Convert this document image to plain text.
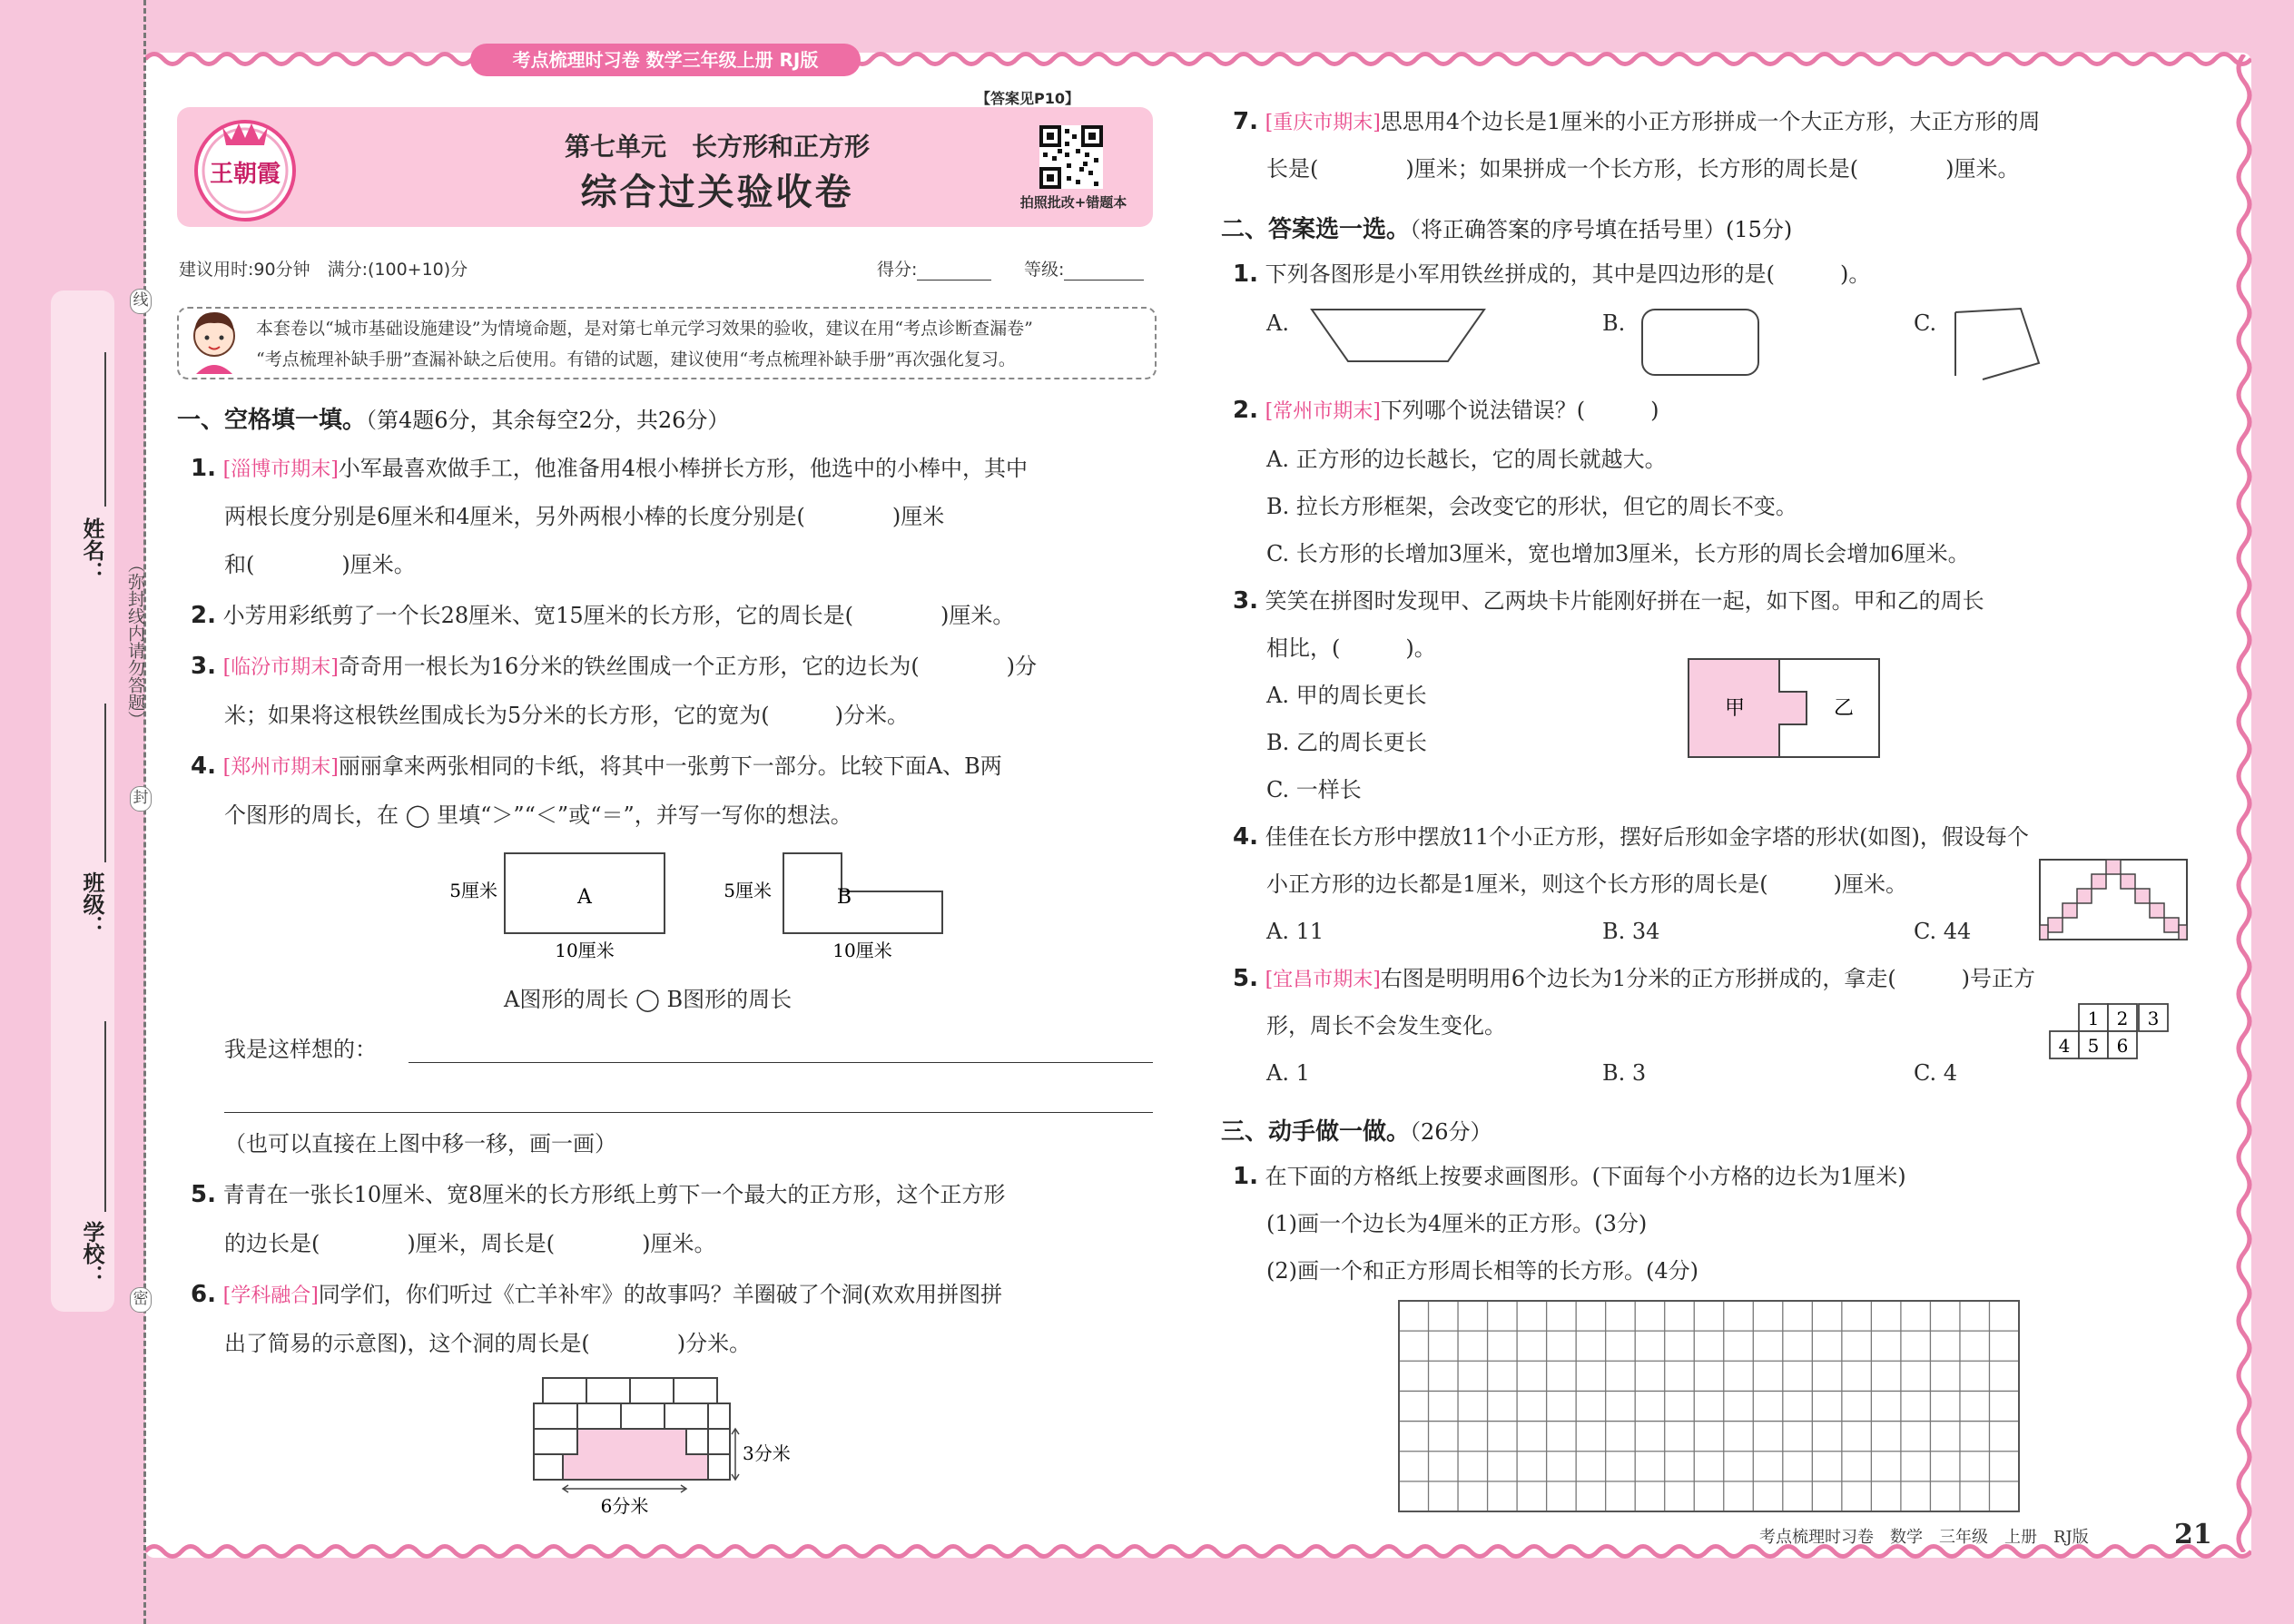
姓名：
班级：
学校：
（弥封线内请勿答题）
线
封
密
考点梳理时习卷 数学三年级上册 RJ版
王朝霞
【答案见P10】
第七单元　长方形和正方形
综合过关验收卷	拍照批改+错题本
建议用时:90分钟　满分:(100+10)分	得分:	等级:
本套卷以“城市基础设施建设”为情境命题，是对第七单元学习效果的验收，建议在用“考点诊断查漏卷”
“考点梳理补缺手册”查漏补缺之后使用。有错的试题，建议使用“考点梳理补缺手册”再次强化复习。
一、空格填一填。（第4题6分，其余每空2分，共26分）
1. [淄博市期末]小军最喜欢做手工，他准备用4根小棒拼长方形，他选中的小棒中，其中
两根长度分别是6厘米和4厘米，另外两根小棒的长度分别是(　　　　)厘米
和(　　　　)厘米。
2. 小芳用彩纸剪了一个长28厘米、宽15厘米的长方形，它的周长是(　　　　)厘米。
3. [临汾市期末]奇奇用一根长为16分米的铁丝围成一个正方形，它的边长为(　　　　)分
米；如果将这根铁丝围成长为5分米的长方形，它的宽为(　　　)分米。
4. [郑州市期末]丽丽拿来两张相同的卡纸，将其中一张剪下一部分。比较下面A、B两
个图形的周长，在 ◯ 里填“＞”“＜”或“＝”，并写一写你的想法。
A	B
5厘米	5厘米
10厘米	10厘米
A图形的周长 ◯ B图形的周长
我是这样想的：
（也可以直接在上图中移一移，画一画）
5. 青青在一张长10厘米、宽8厘米的长方形纸上剪下一个最大的正方形，这个正方形
的边长是(　　　　)厘米，周长是(　　　　)厘米。
6. [学科融合]同学们，你们听过《亡羊补牢》的故事吗？羊圈破了个洞(欢欢用拼图拼
出了简易的示意图)，这个洞的周长是(　　　　)分米。
3分米
6分米
7. [重庆市期末]思思用4个边长是1厘米的小正方形拼成一个大正方形，大正方形的周
长是(　　　　)厘米；如果拼成一个长方形，长方形的周长是(　　　　)厘米。
二、答案选一选。（将正确答案的序号填在括号里）(15分)
1. 下列各图形是小军用铁丝拼成的，其中是四边形的是(　　　)。
A.	B.	C.
2. [常州市期末]下列哪个说法错误？(　　　)
A. 正方形的边长越长，它的周长就越大。
B. 拉长方形框架，会改变它的形状，但它的周长不变。
C. 长方形的长增加3厘米，宽也增加3厘米，长方形的周长会增加6厘米。
3. 笑笑在拼图时发现甲、乙两块卡片能刚好拼在一起，如下图。甲和乙的周长
相比，(　　　)。
A. 甲的周长更长
B. 乙的周长更长
C. 一样长
甲	乙
4. 佳佳在长方形中摆放11个小正方形，摆好后形如金字塔的形状(如图)，假设每个
小正方形的边长都是1厘米，则这个长方形的周长是(　　　)厘米。
A. 11	B. 34	C. 44
5. [宜昌市期末]右图是明明用6个边长为1分米的正方形拼成的，拿走(　　　)号正方
形，周长不会发生变化。
A. 1	B. 3	C. 4
1 2
4 5 6
3
三、动手做一做。（26分）
1. 在下面的方格纸上按要求画图形。(下面每个小方格的边长为1厘米)
(1)画一个边长为4厘米的正方形。(3分)
(2)画一个和正方形周长相等的长方形。(4分)
考点梳理时习卷　数学　三年级　上册　RJ版	21
